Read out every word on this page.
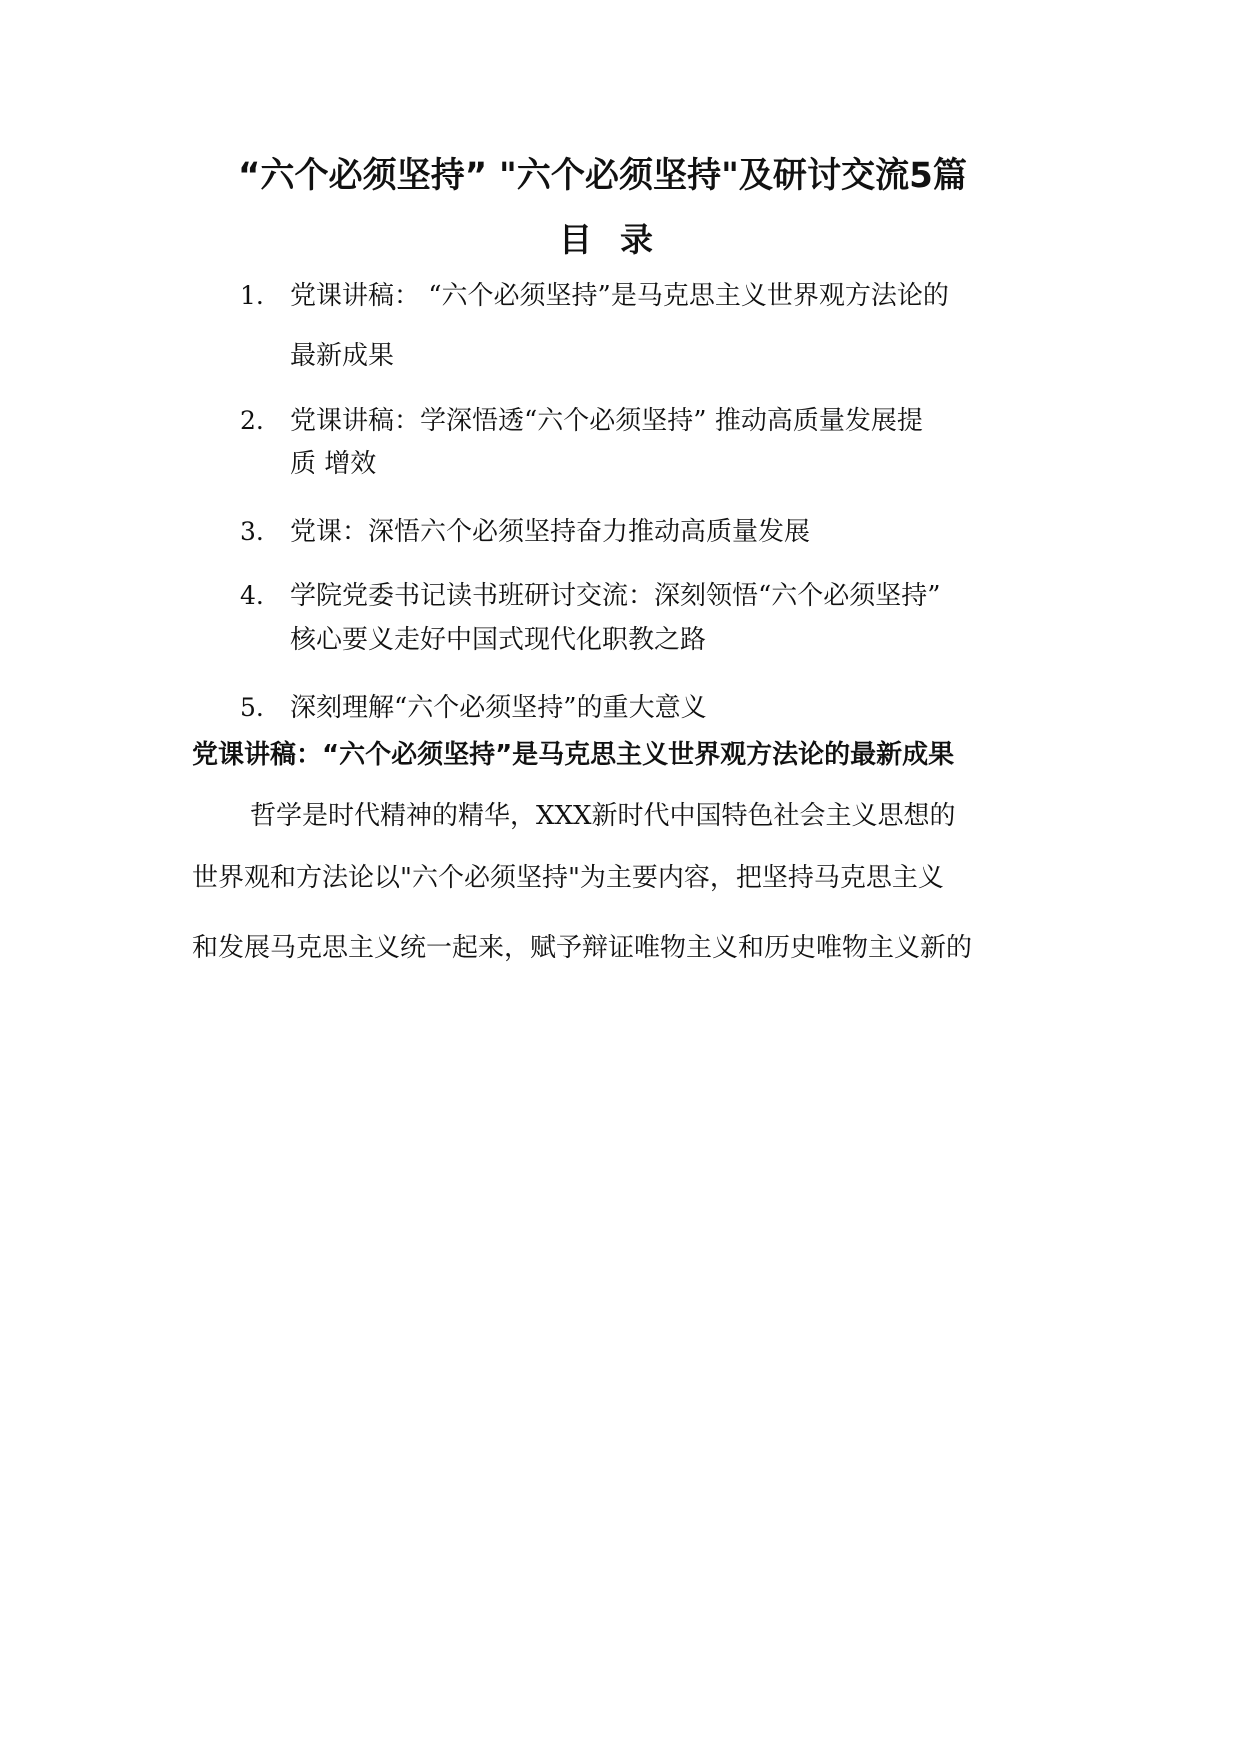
“六个必须坚持” "六个必须坚持"及研讨交流5篇
目录
1. 党课讲稿： “六个必须坚持”是马克思主义世界观方法论的
最新成果
2. 党课讲稿：学深悟透“六个必须坚持” 推动高质量发展提
质 增效
3. 党课：深悟六个必须坚持奋力推动高质量发展
4. 学院党委书记读书班研讨交流：深刻领悟“六个必须坚持”
核心要义走好中国式现代化职教之路
5. 深刻理解“六个必须坚持”的重大意义
党课讲稿：“六个必须坚持”是马克思主义世界观方法论的最新成果
哲学是时代精神的精华，XXX新时代中国特色社会主义思想的
世界观和方法论以"六个必须坚持"为主要内容，把坚持马克思主义
和发展马克思主义统一起来，赋予辩证唯物主义和历史唯物主义新的
